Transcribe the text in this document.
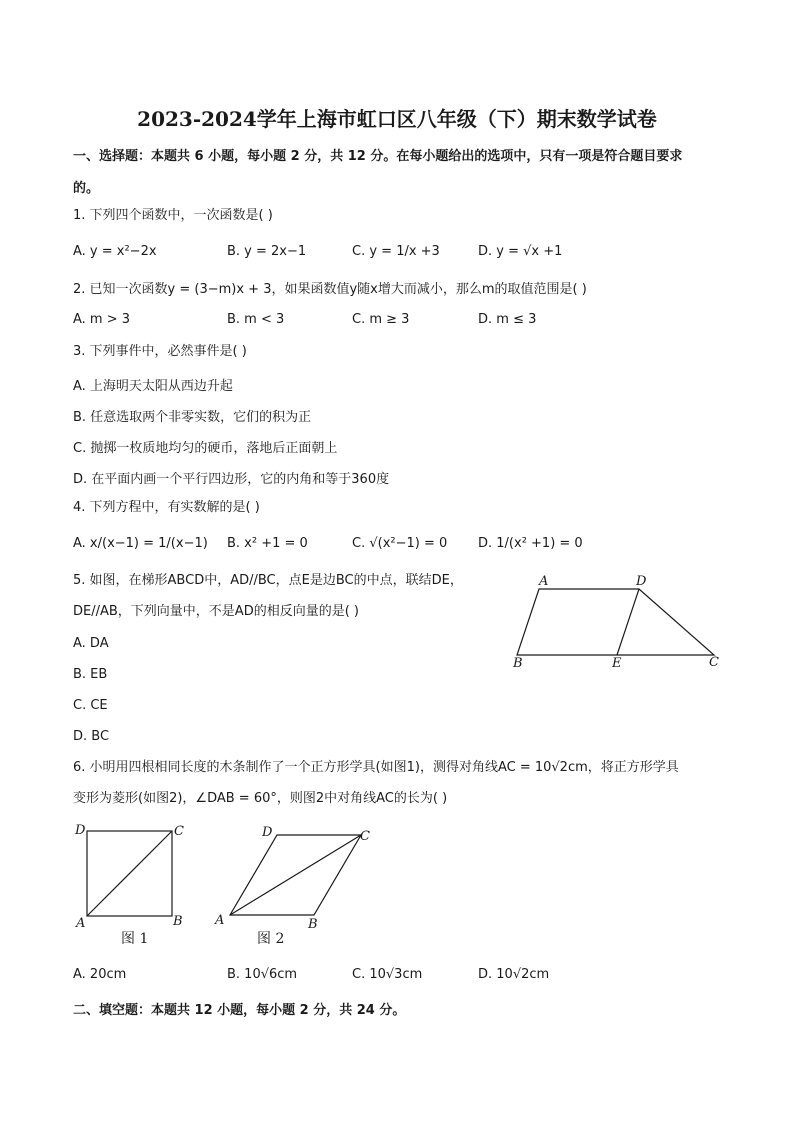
2023-2024学年上海市虹口区八年级（下）期末数学试卷
一、选择题：本题共 6 小题，每小题 2 分，共 12 分。在每小题给出的选项中，只有一项是符合题目要求
的。
1. 下列四个函数中，一次函数是( )
A. y = x²−2x	B. y = 2x−1	C. y = 1/x +3	D. y = √x +1
2. 已知一次函数y = (3−m)x + 3，如果函数值y随x增大而减小，那么m的取值范围是( )
A. m > 3	B. m < 3	C. m ≥ 3	D. m ≤ 3
3. 下列事件中，必然事件是( )
A. 上海明天太阳从西边升起
B. 任意选取两个非零实数，它们的积为正
C. 抛掷一枚质地均匀的硬币，落地后正面朝上
D. 在平面内画一个平行四边形，它的内角和等于360度
4. 下列方程中，有实数解的是( )
A. x/(x−1) = 1/(x−1) B. x² +1 = 0	C. √(x²−1) = 0 D. 1/(x² +1) = 0
5. 如图，在梯形ABCD中，AD//BC，点E是边BC的中点，联结DE，
DE//AB，下列向量中，不是AD的相反向量的是( )
A. DA
B. EB
C. CE
D. BC
A	D
B	E	C
6. 小明用四根相同长度的木条制作了一个正方形学具(如图1)，测得对角线AC = 10√2cm，将正方形学具
变形为菱形(如图2)，∠DAB = 60°，则图2中对角线AC的长为( )
D	C
A	B
图 1
D	C
A	B
图 2
A. 20cm	B. 10√6cm	C. 10√3cm	D. 10√2cm
二、填空题：本题共 12 小题，每小题 2 分，共 24 分。
